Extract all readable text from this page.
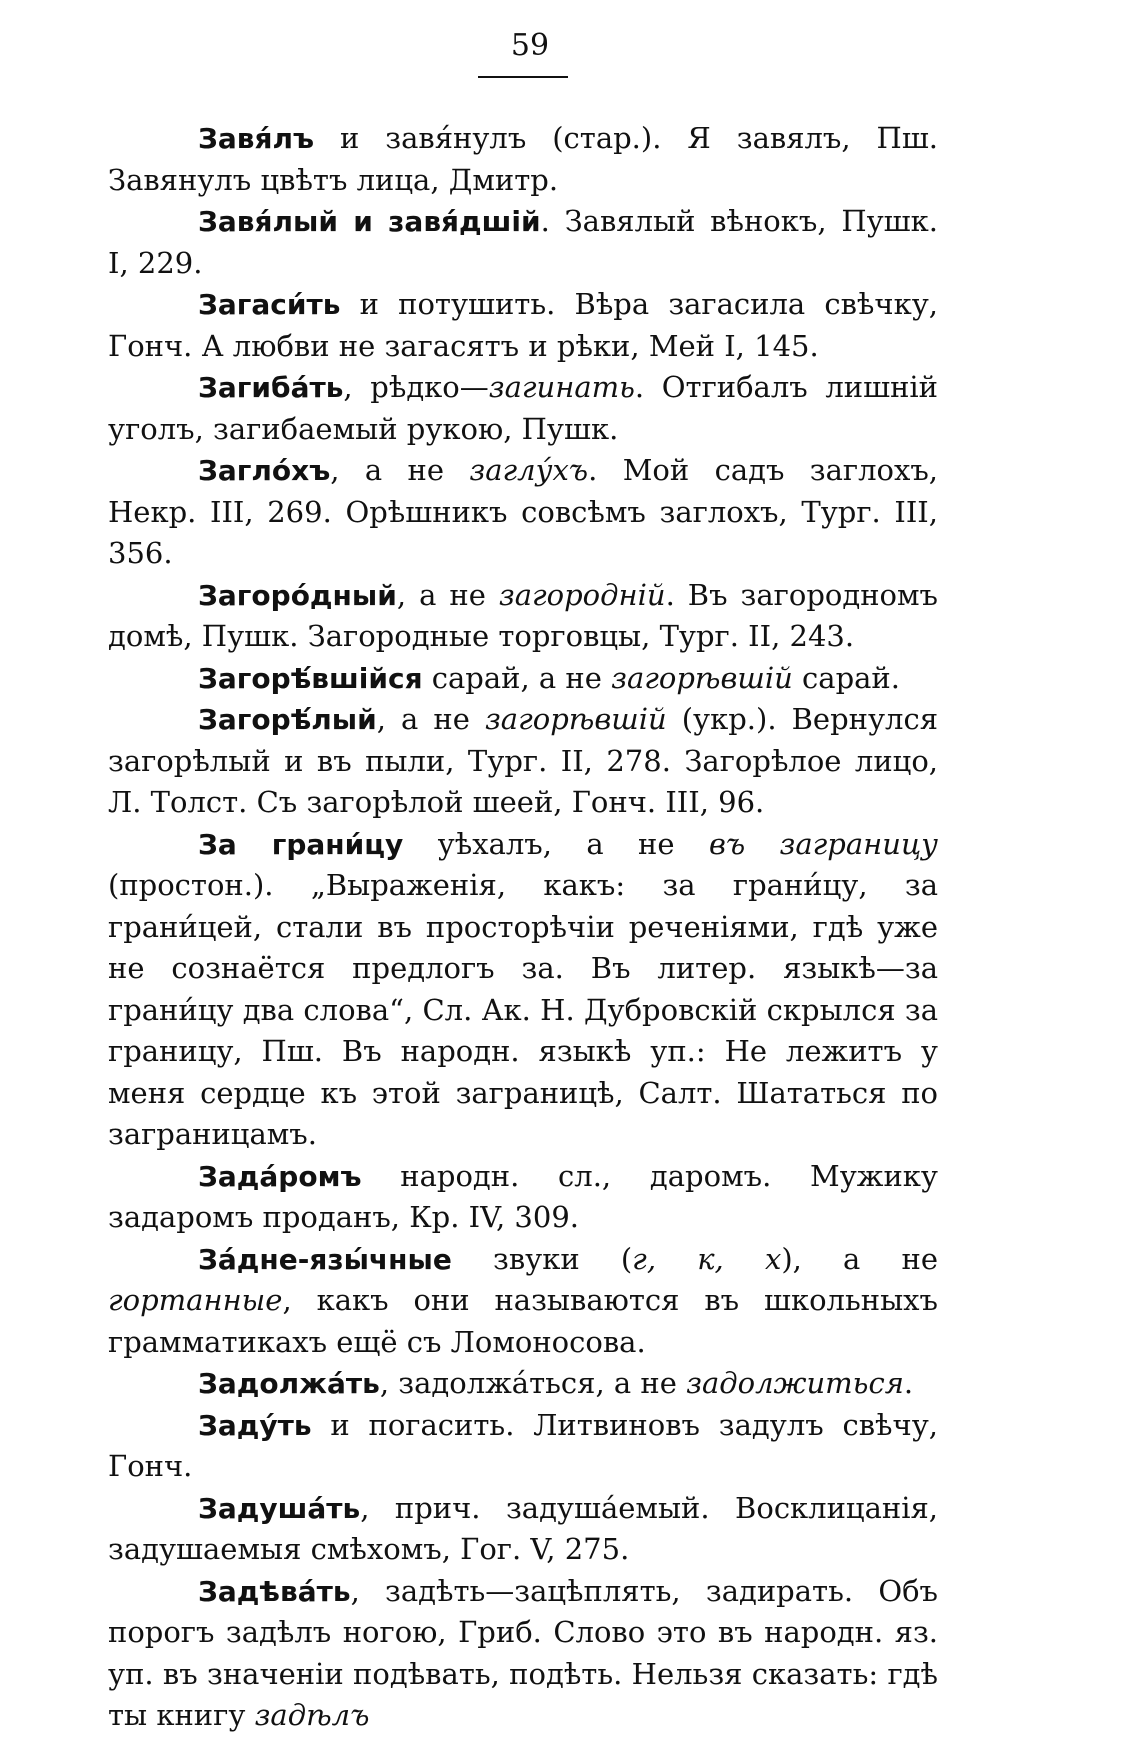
59

Завя́лъ и завя́нулъ (стар.). Я завялъ, Пш. Завянулъ цвѣтъ лица, Дмитр.

Завя́лый и завя́дшій. Завялый вѣнокъ, Пушк. I, 229.

Загаси́ть и потушить. Вѣра загасила свѣчку, Гонч. А любви не загасятъ и рѣки, Мей I, 145.

Загиба́ть, рѣдко—загинать. Отгибалъ лишній уголъ, загибаемый рукою, Пушк.

Загло́хъ, а не заглу́хъ. Мой садъ заглохъ, Некр. III, 269. Орѣшникъ совсѣмъ заглохъ, Тург. III, 356.

Загоро́дный, а не загородній. Въ загородномъ домѣ, Пушк. Загородные торговцы, Тург. II, 243.

Загорѣ́вшійся сарай, а не загорѣвшій сарай.

Загорѣ́лый, а не загорѣвшій (укр.). Вернулся загорѣлый и въ пыли, Тург. II, 278. Загорѣлое лицо, Л. Толст. Съ загорѣлой шеей, Гонч. III, 96.

За грани́цу уѣхалъ, а не въ заграницу (простон.). „Выраженія, какъ: за грани́цу, за грани́цей, стали въ просторѣчіи реченіями, гдѣ уже не сознаётся предлогъ за. Въ литер. языкѣ—за грани́цу два слова“, Сл. Ак. Н. Дубровскій скрылся за границу, Пш. Въ народн. языкѣ уп.: Не лежитъ у меня сердце къ этой заграницѣ, Салт. Шататься по заграницамъ.

Зада́ромъ народн. сл., даромъ. Мужику задаромъ проданъ, Кр. IV, 309.

За́дне-язы́чные звуки (г, к, х), а не гортанные, какъ они называются въ школьныхъ грамматикахъ ещё съ Ломоносова.

Задолжа́ть, задолжа́ться, а не задолжиться.

Заду́ть и погасить. Литвиновъ задулъ свѣчу, Гонч.

Задуша́ть, прич. задуша́емый. Восклицанія, задушаемыя смѣхомъ, Гог. V, 275.

Задѣва́ть, задѣть—зацѣплять, задирать. Объ порогъ задѣлъ ногою, Гриб. Слово это въ народн. яз. уп. въ значеніи подѣвать, подѣть. Нельзя сказать: гдѣ ты книгу задѣлъ
